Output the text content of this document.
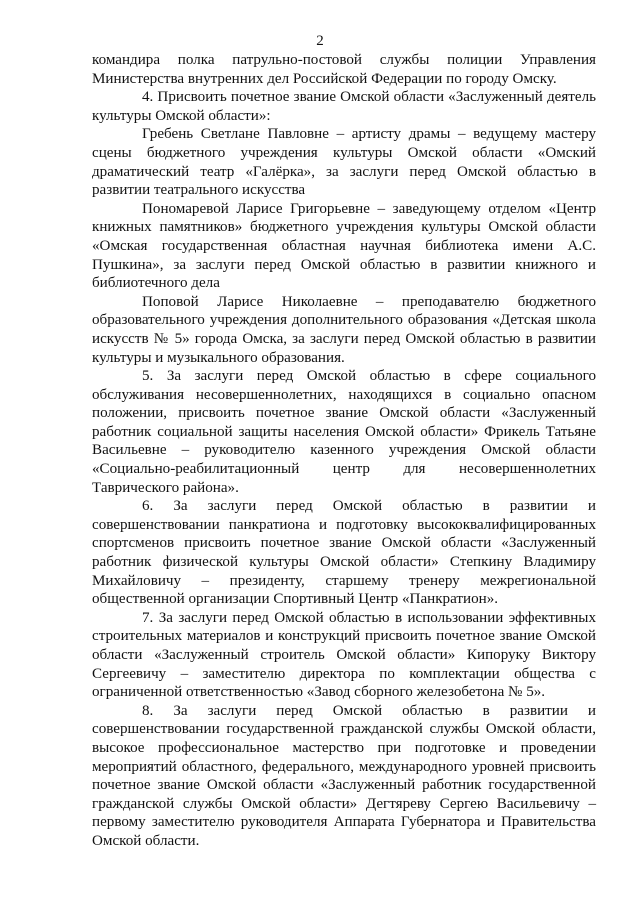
2

командира полка патрульно-постовой службы полиции Управления Министерства внутренних дел Российской Федерации по городу Омску.

4. Присвоить почетное звание Омской области «Заслуженный деятель культуры Омской области»:

Гребень Светлане Павловне – артисту драмы – ведущему мастеру сцены бюджетного учреждения культуры Омской области «Омский драматический театр «Галёрка», за заслуги перед Омской областью в развитии театрального искусства

Пономаревой Ларисе Григорьевне – заведующему отделом «Центр книжных памятников» бюджетного учреждения культуры Омской области «Омская государственная областная научная библиотека имени А.С. Пушкина», за заслуги перед Омской областью в развитии книжного и библиотечного дела

Поповой Ларисе Николаевне – преподавателю бюджетного образовательного учреждения дополнительного образования «Детская школа искусств № 5» города Омска, за заслуги перед Омской областью в развитии культуры и музыкального образования.

5. За заслуги перед Омской областью в сфере социального обслуживания несовершеннолетних, находящихся в социально опасном положении, присвоить почетное звание Омской области «Заслуженный работник социальной защиты населения Омской области» Фрикель Татьяне Васильевне – руководителю казенного учреждения Омской области «Социально-реабилитационный центр для несовершеннолетних Таврического района».

6. За заслуги перед Омской областью в развитии и совершенствовании панкратиона и подготовку высококвалифицированных спортсменов присвоить почетное звание Омской области «Заслуженный работник физической культуры Омской области» Степкину Владимиру Михайловичу – президенту, старшему тренеру межрегиональной общественной организации Спортивный Центр «Панкратион».

7. За заслуги перед Омской областью в использовании эффективных строительных материалов и конструкций присвоить почетное звание Омской области «Заслуженный строитель Омской области» Кипоруку Виктору Сергеевичу – заместителю директора по комплектации общества с ограниченной ответственностью «Завод сборного железобетона № 5».

8. За заслуги перед Омской областью в развитии и совершенствовании государственной гражданской службы Омской области, высокое профессиональное мастерство при подготовке и проведении мероприятий областного, федерального, международного уровней присвоить почетное звание Омской области «Заслуженный работник государственной гражданской службы Омской области» Дегтяреву Сергею Васильевичу – первому заместителю руководителя Аппарата Губернатора и Правительства Омской области.
